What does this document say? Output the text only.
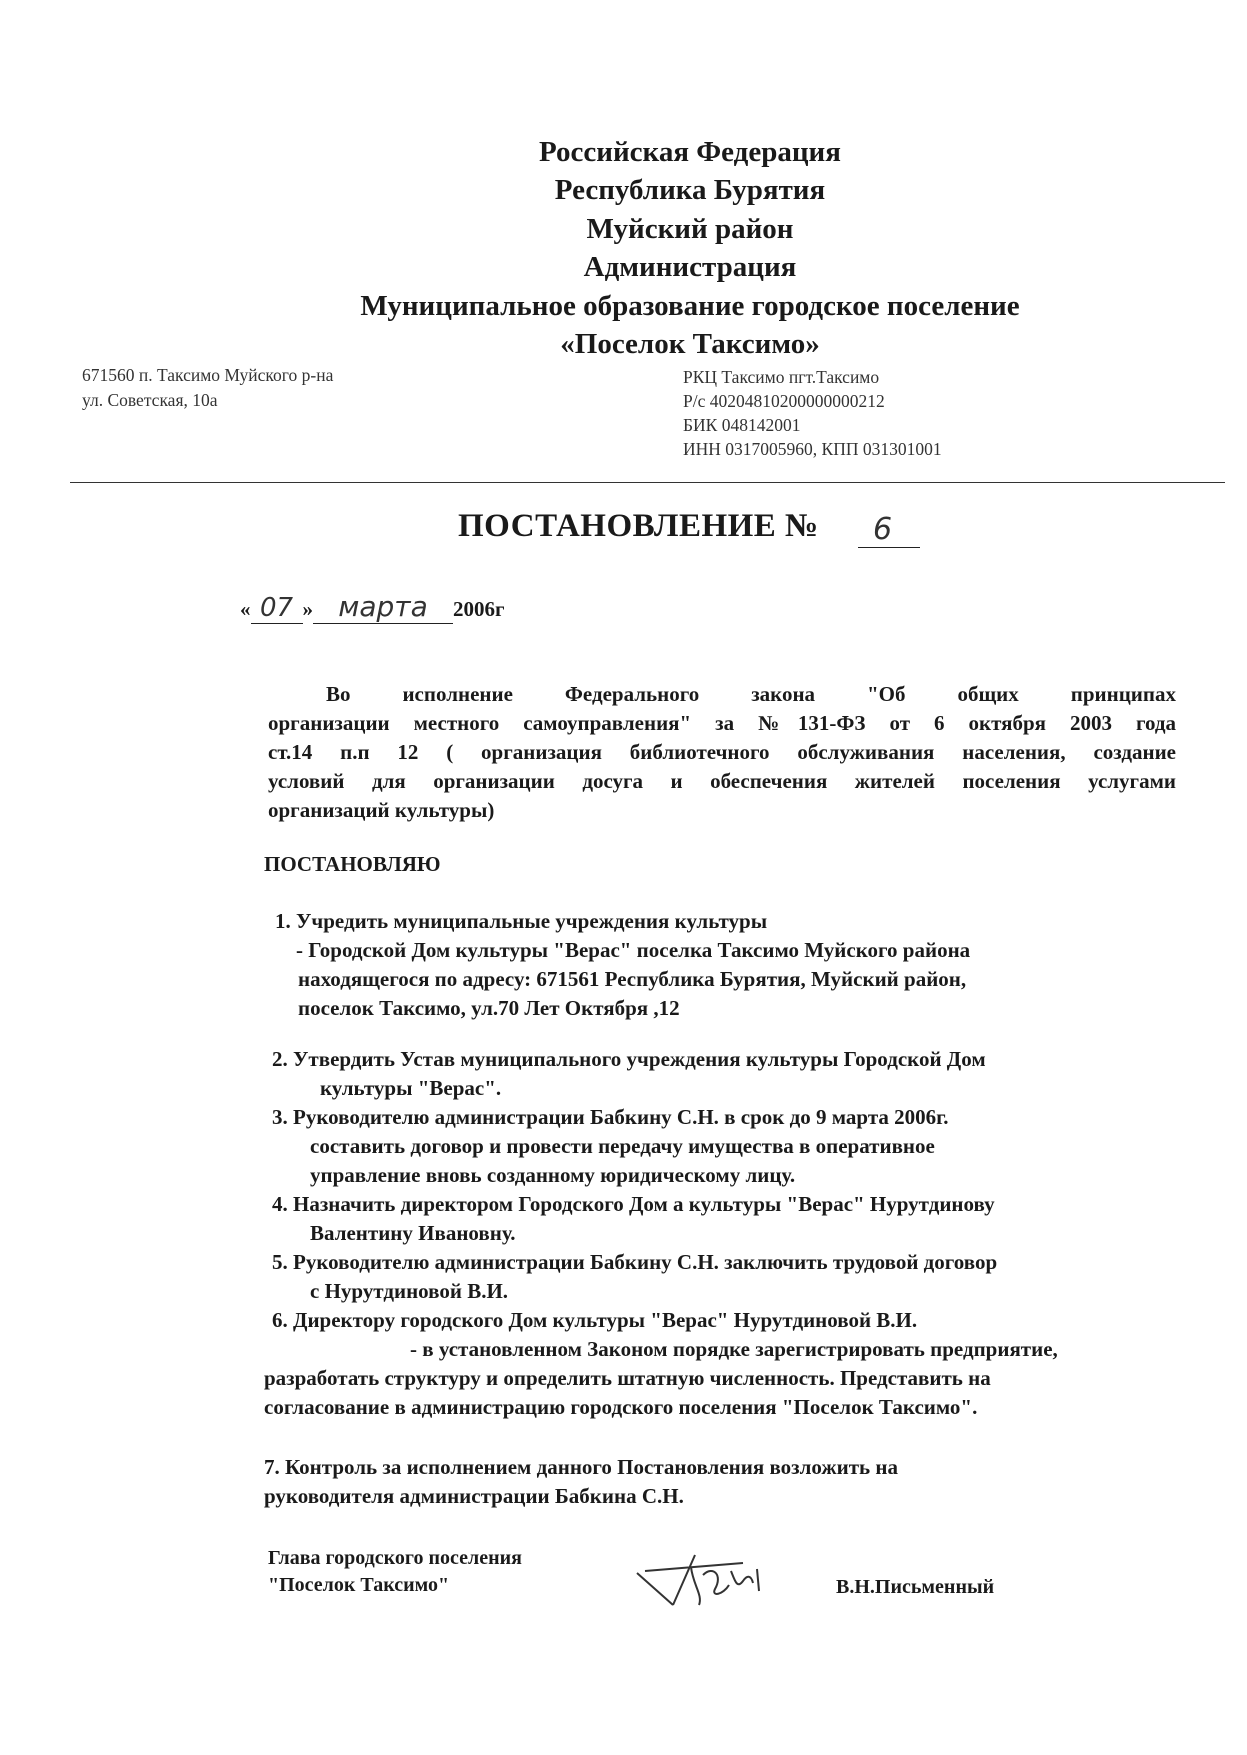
Российская Федерация
Республика Бурятия
Муйский район
Администрация
Муниципальное образование городское поселение
«Поселок Таксимо»
671560 п. Таксимо Муйского р-на
ул. Советская, 10а
РКЦ Таксимо пгт.Таксимо
Р/с 40204810200000000212
БИК 048142001
ИНН 0317005960, КПП 031301001
ПОСТАНОВЛЕНИЕ № 6
« 07 » марта 2006г

Во исполнение Федерального закона "Об общих принципах

организации местного самоуправления" за №131-ФЗ от 6 октября 2003 года

ст.14 п.п 12 ( организация библиотечного обслуживания населения, создание

условий для организации досуга и обеспечения жителей поселения услугами

организаций культуры)

ПОСТАНОВЛЯЮ
1. Учредить муниципальные учреждения культуры
- Городской Дом культуры "Верас" поселка Таксимо Муйского района
находящегося по адресу: 671561 Республика Бурятия, Муйский район,
поселок Таксимо, ул.70 Лет Октября ,12
2. Утвердить Устав муниципального учреждения культуры Городской Дом
культуры "Верас".
3. Руководителю администрации Бабкину С.Н. в срок до 9 марта 2006г.
составить договор и провести передачу имущества в оперативное
управление вновь созданному юридическому лицу.
4. Назначить директором Городского Дом а культуры "Верас" Нурутдинову
Валентину Ивановну.
5. Руководителю администрации Бабкину С.Н. заключить трудовой договор
с Нурутдиновой В.И.
6. Директору городского Дом культуры "Верас" Нурутдиновой В.И.
- в установленном Законом порядке зарегистрировать предприятие,
разработать структуру и определить штатную численность. Представить на
согласование в администрацию городского поселения "Поселок Таксимо".
7. Контроль за исполнением данного Постановления возложить на
руководителя администрации Бабкина С.Н.
Глава городского поселения
"Поселок Таксимо"	В.Н.Письменный
